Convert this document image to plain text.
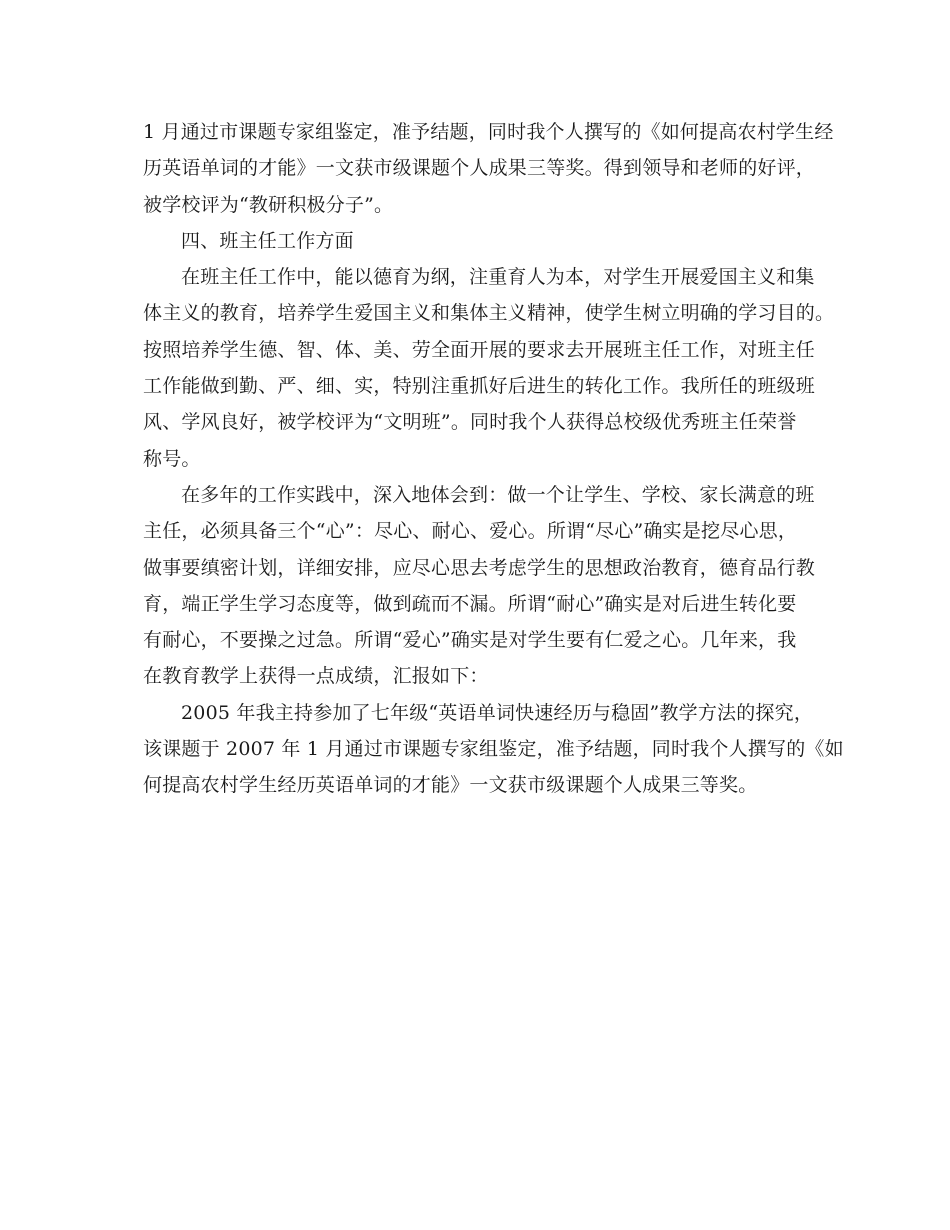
1 月通过市课题专家组鉴定，准予结题，同时我个人撰写的《如何提高农村学生经
历英语单词的才能》一文获市级课题个人成果三等奖。得到领导和老师的好评，
被学校评为“教研积极分子”。
四、班主任工作方面
在班主任工作中，能以德育为纲，注重育人为本，对学生开展爱国主义和集
体主义的教育，培养学生爱国主义和集体主义精神，使学生树立明确的学习目的。
按照培养学生德、智、体、美、劳全面开展的要求去开展班主任工作，对班主任
工作能做到勤、严、细、实，特别注重抓好后进生的转化工作。我所任的班级班
风、学风良好，被学校评为“文明班”。同时我个人获得总校级优秀班主任荣誉
称号。
在多年的工作实践中，深入地体会到：做一个让学生、学校、家长满意的班
主任，必须具备三个“心”：尽心、耐心、爱心。所谓“尽心”确实是挖尽心思，
做事要缜密计划，详细安排，应尽心思去考虑学生的思想政治教育，德育品行教
育，端正学生学习态度等，做到疏而不漏。所谓“耐心”确实是对后进生转化要
有耐心，不要操之过急。所谓“爱心”确实是对学生要有仁爱之心。几年来，我
在教育教学上获得一点成绩，汇报如下：
2005 年我主持参加了七年级“英语单词快速经历与稳固”教学方法的探究，
该课题于 2007 年 1 月通过市课题专家组鉴定，准予结题，同时我个人撰写的《如
何提高农村学生经历英语单词的才能》一文获市级课题个人成果三等奖。
